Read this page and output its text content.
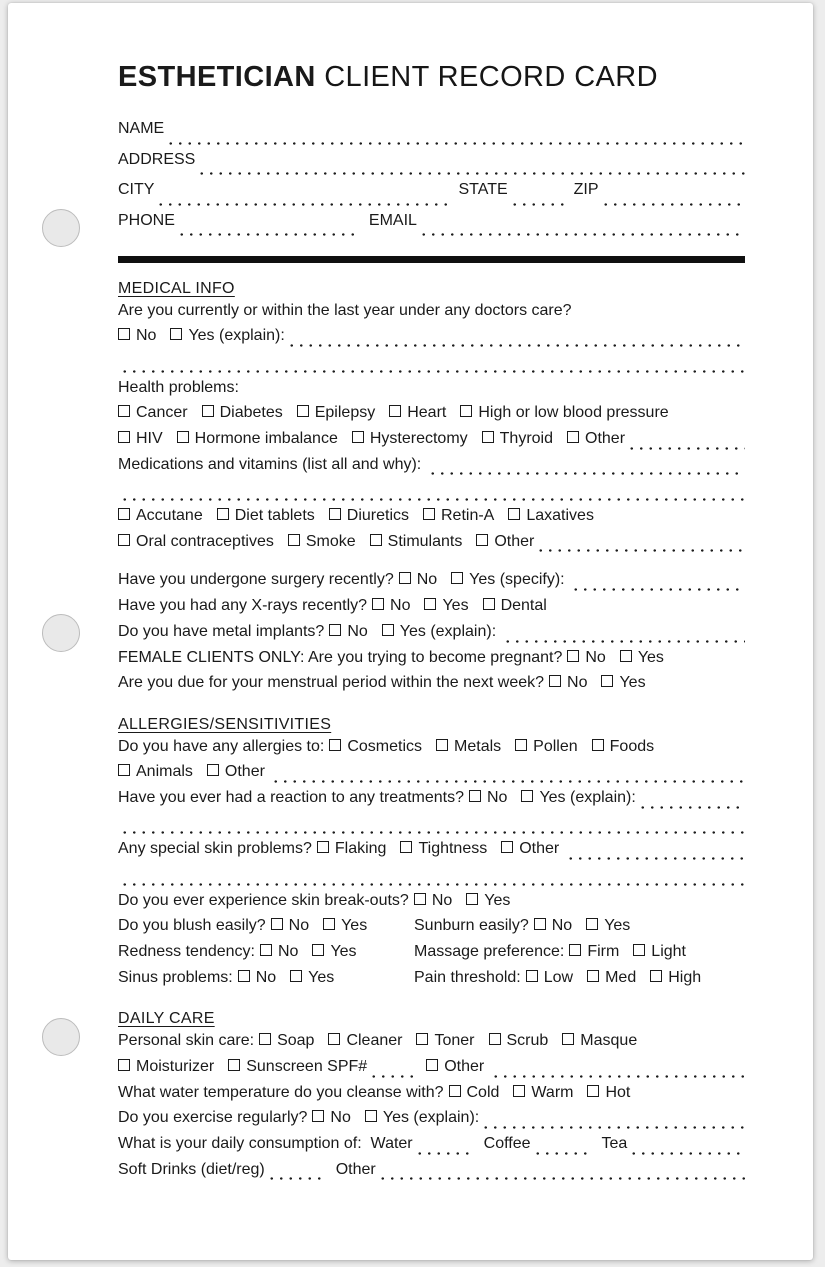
ESTHETICIAN CLIENT RECORD CARD
NAME
ADDRESS
CITY	STATE	ZIP
PHONE	EMAIL
MEDICAL INFO
Are you currently or within the last year under any doctors care?
No Yes (explain):
Health problems:
Cancer Diabetes Epilepsy Heart High or low blood pressure
HIV Hormone imbalance Hysterectomy Thyroid Other
Medications and vitamins (list all and why):
Accutane Diet tablets Diuretics Retin-A Laxatives
Oral contraceptives Smoke Stimulants Other
Have you undergone surgery recently? No Yes (specify):
Have you had any X-rays recently? No Yes Dental
Do you have metal implants? No Yes (explain):
FEMALE CLIENTS ONLY: Are you trying to become pregnant? No Yes
Are you due for your menstrual period within the next week? No Yes
ALLERGIES/SENSITIVITIES
Do you have any allergies to: Cosmetics Metals Pollen Foods
Animals Other
Have you ever had a reaction to any treatments? No Yes (explain):
Any special skin problems? Flaking Tightness Other
Do you ever experience skin break-outs? No Yes
Do you blush easily? No Yes	Sunburn easily? No Yes
Redness tendency: No Yes	Massage preference: Firm Light
Sinus problems: No Yes	Pain threshold: Low Med High
DAILY CARE
Personal skin care: Soap Cleaner Toner Scrub Masque
Moisturizer Sunscreen SPF#	Other
What water temperature do you cleanse with? Cold Warm Hot
Do you exercise regularly? No Yes (explain):
What is your daily consumption of:  Water	Coffee	Tea
Soft Drinks (diet/reg)	Other
